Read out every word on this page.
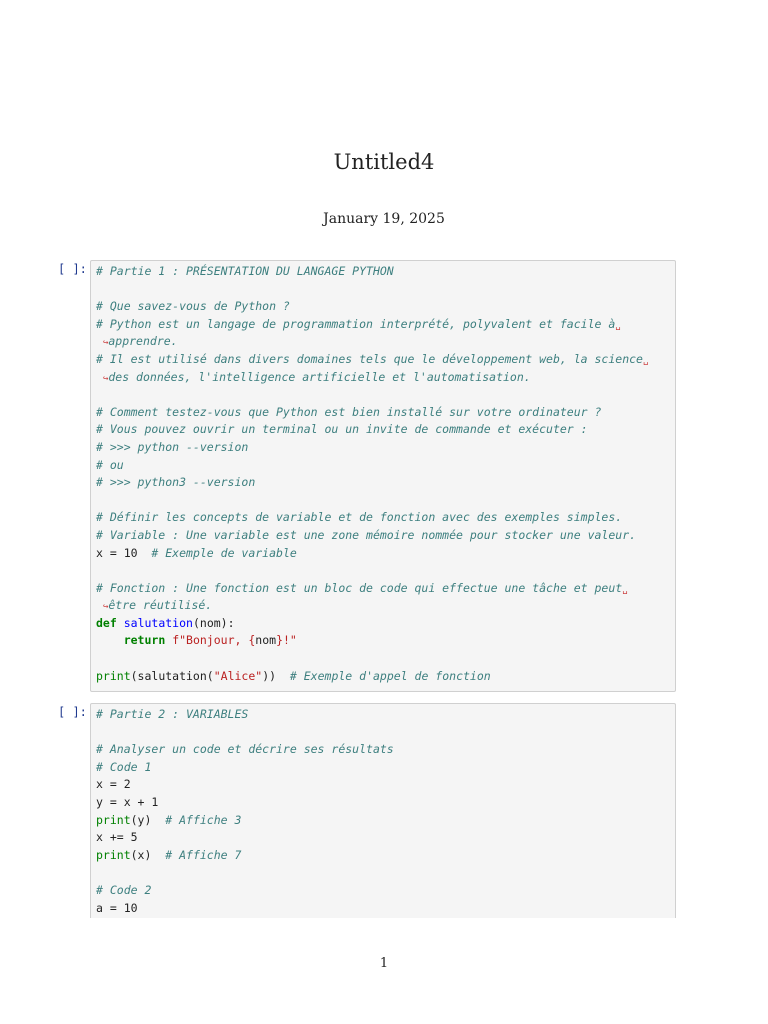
Untitled4
January 19, 2025
[ ]: # Partie 1 : PRÉSENTATION DU LANGAGE PYTHON
# Que savez-vous de Python ?
# Python est un langage de programmation interprété, polyvalent et facile à␣
↪apprendre.
# Il est utilisé dans divers domaines tels que le développement web, la science␣
↪des données, l'intelligence artificielle et l'automatisation.
# Comment testez-vous que Python est bien installé sur votre ordinateur ?
# Vous pouvez ouvrir un terminal ou un invite de commande et exécuter :
# >>> python --version
# ou
# >>> python3 --version
# Définir les concepts de variable et de fonction avec des exemples simples.
# Variable : Une variable est une zone mémoire nommée pour stocker une valeur.
x = 10 # Exemple de variable
# Fonction : Une fonction est un bloc de code qui effectue une tâche et peut␣
↪être réutilisé.
def salutation(nom):
return f"Bonjour, {nom}!"
print(salutation("Alice")) # Exemple d'appel de fonction
[ ]: # Partie 2 : VARIABLES
# Analyser un code et décrire ses résultats
# Code 1
x = 2
y = x + 1
print(y) # Affiche 3
x += 5
print(x) # Affiche 7
# Code 2
a = 10
1
